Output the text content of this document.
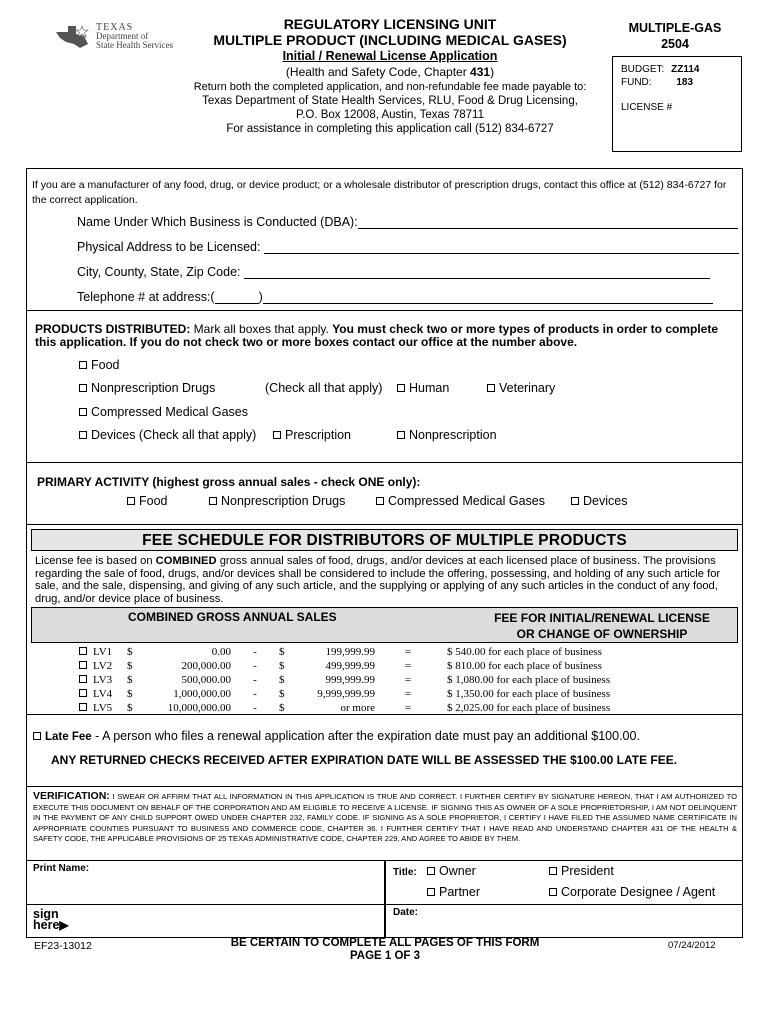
TEXAS
Department of
State Health Services
REGULATORY LICENSING UNIT
MULTIPLE PRODUCT (INCLUDING MEDICAL GASES)
Initial / Renewal License Application
(Health and Safety Code, Chapter 431)
Return both the completed application, and non-refundable fee made payable to:
Texas Department of State Health Services, RLU, Food & Drug Licensing,
P.O. Box 12008, Austin, Texas 78711
For assistance in completing this application call (512) 834-6727
MULTIPLE-GAS
2504
BUDGET: ZZ114
FUND: 183
LICENSE #
If you are a manufacturer of any food, drug, or device product; or a wholesale distributor of prescription drugs, contact this office at (512) 834-6727 for the correct application.
Name Under Which Business is Conducted (DBA):
Physical Address to be Licensed:
City, County, State, Zip Code:
Telephone # at address:(	)
PRODUCTS DISTRIBUTED: Mark all boxes that apply. You must check two or more types of products in order to complete this application. If you do not check two or more boxes contact our office at the number above.
Food
Nonprescription Drugs	(Check all that apply)	Human	Veterinary
Compressed Medical Gases
Devices (Check all that apply)	Prescription	Nonprescription
PRIMARY ACTIVITY (highest gross annual sales - check ONE only):
Food	Nonprescription Drugs	Compressed Medical Gases	Devices
FEE SCHEDULE FOR DISTRIBUTORS OF MULTIPLE PRODUCTS
License fee is based on COMBINED gross annual sales of food, drugs, and/or devices at each licensed place of business. The provisions regarding the sale of food, drugs, and/or devices shall be considered to include the offering, possessing, and holding of any such article for sale, and the sale, dispensing, and giving of any such article, and the supplying or applying of any such articles in the conduct of any food, drug, and/or device place of business.
COMBINED GROSS ANNUAL SALES	FEE FOR INITIAL/RENEWAL LICENSE
OR CHANGE OF OWNERSHIP
	LV1	$	0.00	-	$	199,999.99	=	$ 540.00 for each place of business
	LV2	$	200,000.00	-	$	499,999.99	=	$ 810.00 for each place of business
	LV3	$	500,000.00	-	$	999,999.99	=	$ 1,080.00 for each place of business
	LV4	$	1,000,000.00	-	$	9,999,999.99	=	$ 1,350.00 for each place of business
	LV5	$	10,000,000.00	-	$	or more	=	$ 2,025.00 for each place of business
Late Fee - A person who files a renewal application after the expiration date must pay an additional $100.00.
ANY RETURNED CHECKS RECEIVED AFTER EXPIRATION DATE WILL BE ASSESSED THE $100.00 LATE FEE.
VERIFICATION: I SWEAR OR AFFIRM THAT ALL INFORMATION IN THIS APPLICATION IS TRUE AND CORRECT. I FURTHER CERTIFY BY SIGNATURE HEREON, THAT I AM AUTHORIZED TO EXECUTE THIS DOCUMENT ON BEHALF OF THE CORPORATION AND AM ELIGIBLE TO RECEIVE A LICENSE. IF SIGNING THIS AS OWNER OF A SOLE PROPRIETORSHIP, I AM NOT DELINQUENT IN THE PAYMENT OF ANY CHILD SUPPORT OWED UNDER CHAPTER 232, FAMILY CODE. IF SIGNING AS A SOLE PROPRIETOR, I CERTIFY I HAVE FILED THE ASSUMED NAME CERTIFICATE IN APPROPRIATE COUNTIES PURSUANT TO BUSINESS AND COMMERCE CODE, CHAPTER 36. I FURTHER CERTIFY THAT I HAVE READ AND UNDERSTAND CHAPTER 431 OF THE HEALTH & SAFETY CODE, THE APPLICABLE PROVISIONS OF 25 TEXAS ADMINISTRATIVE CODE, CHAPTER 229, AND AGREE TO ABIDE BY THEM.
Print Name:	Title:	Owner	President
Partner	Corporate Designee / Agent
sign
here▶
Date:
EF23-13012	BE CERTAIN TO COMPLETE ALL PAGES OF THIS FORM
PAGE 1 OF 3
07/24/2012
